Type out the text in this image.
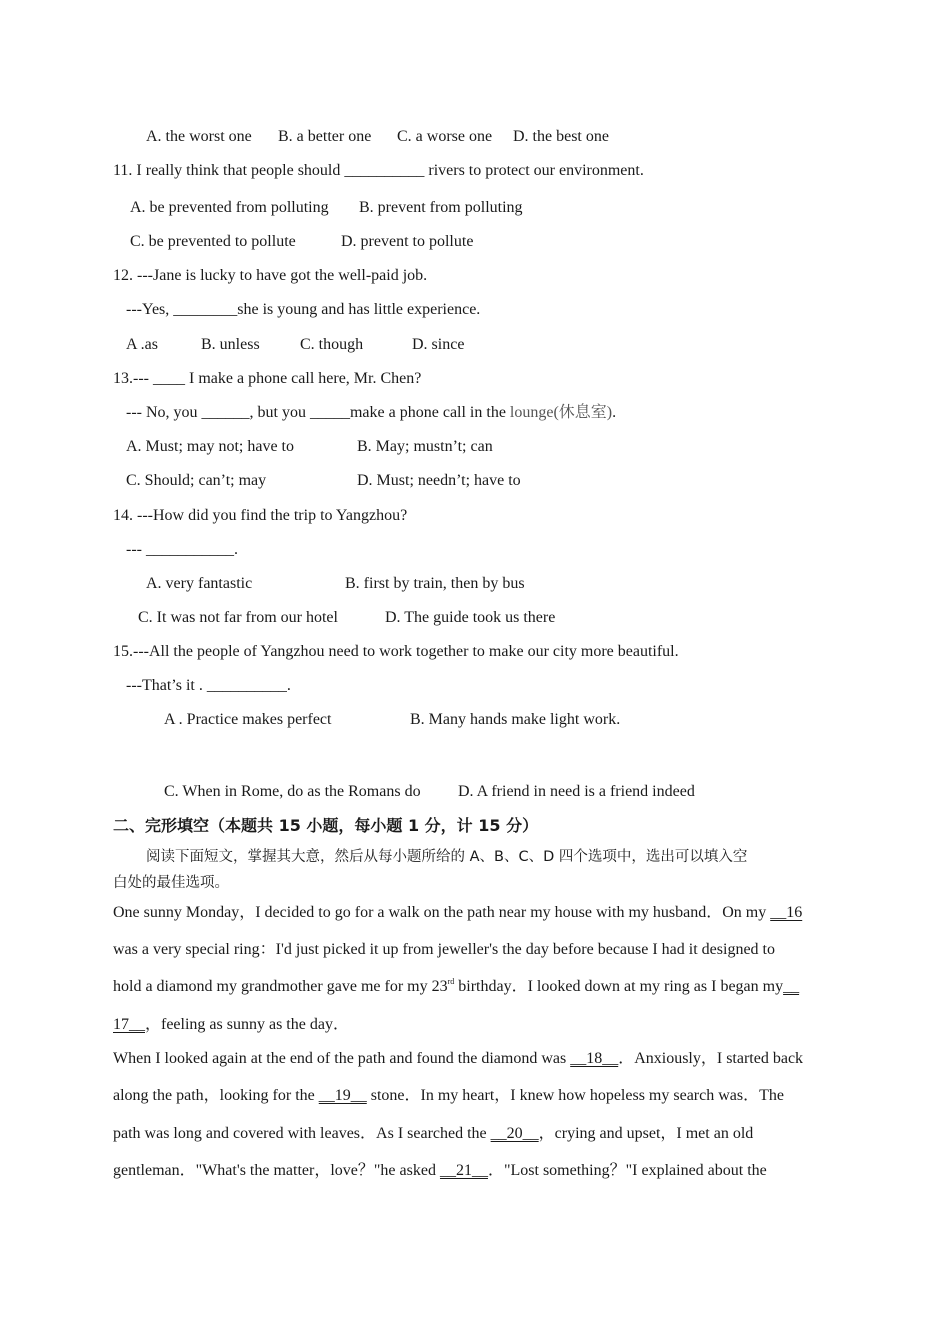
A. the worst one B. a better one C. a worse one D. the best one
11. I really think that people should __________ rivers to protect our environment.
A. be prevented from polluting B. prevent from polluting
C. be prevented to pollute	D. prevent to pollute
12. ---Jane is lucky to have got the well-paid job.
---Yes, ________she is young and has little experience.
A .as	B. unless	C. though	D. since
13.--- ____ I make a phone call here, Mr. Chen?
--- No, you ______, but you _____make a phone call in the lounge(休息室).
A. Must; may not; have to	B. May; mustn’t; can
C. Should; can’t; may	D. Must; needn’t; have to
14. ---How did you find the trip to Yangzhou?
--- ___________.
A. very fantastic	B. first by train, then by bus
C. It was not far from our hotel	D. The guide took us there
15.---All the people of Yangzhou need to work together to make our city more beautiful.
---That’s it . __________.
A . Practice makes perfect	B. Many hands make light work.
C. When in Rome, do as the Romans do D. A friend in need is a friend indeed
二、完形填空（本题共 15 小题，每小题 1 分，计 15 分）
阅读下面短文，掌握其大意，然后从每小题所给的 A、B、C、D 四个选项中，选出可以填入空
白处的最佳选项。
One sunny Monday，I decided to go for a walk on the path near my house with my husband．On my __16
was a very special ring：I'd just picked it up from jeweller's the day before because I had it designed to
hold a diamond my grandmother gave me for my 23rd birthday．I looked down at my ring as I began my__
17__，feeling as sunny as the day．
When I looked again at the end of the path and found the diamond was __18__．Anxiously，I started back
along the path，looking for the __19__ stone．In my heart，I knew how hopeless my search was．The
path was long and covered with leaves．As I searched the __20__，crying and upset，I met an old
gentleman．"What's the matter，love？"he asked __21__．"Lost something？"I explained about the
